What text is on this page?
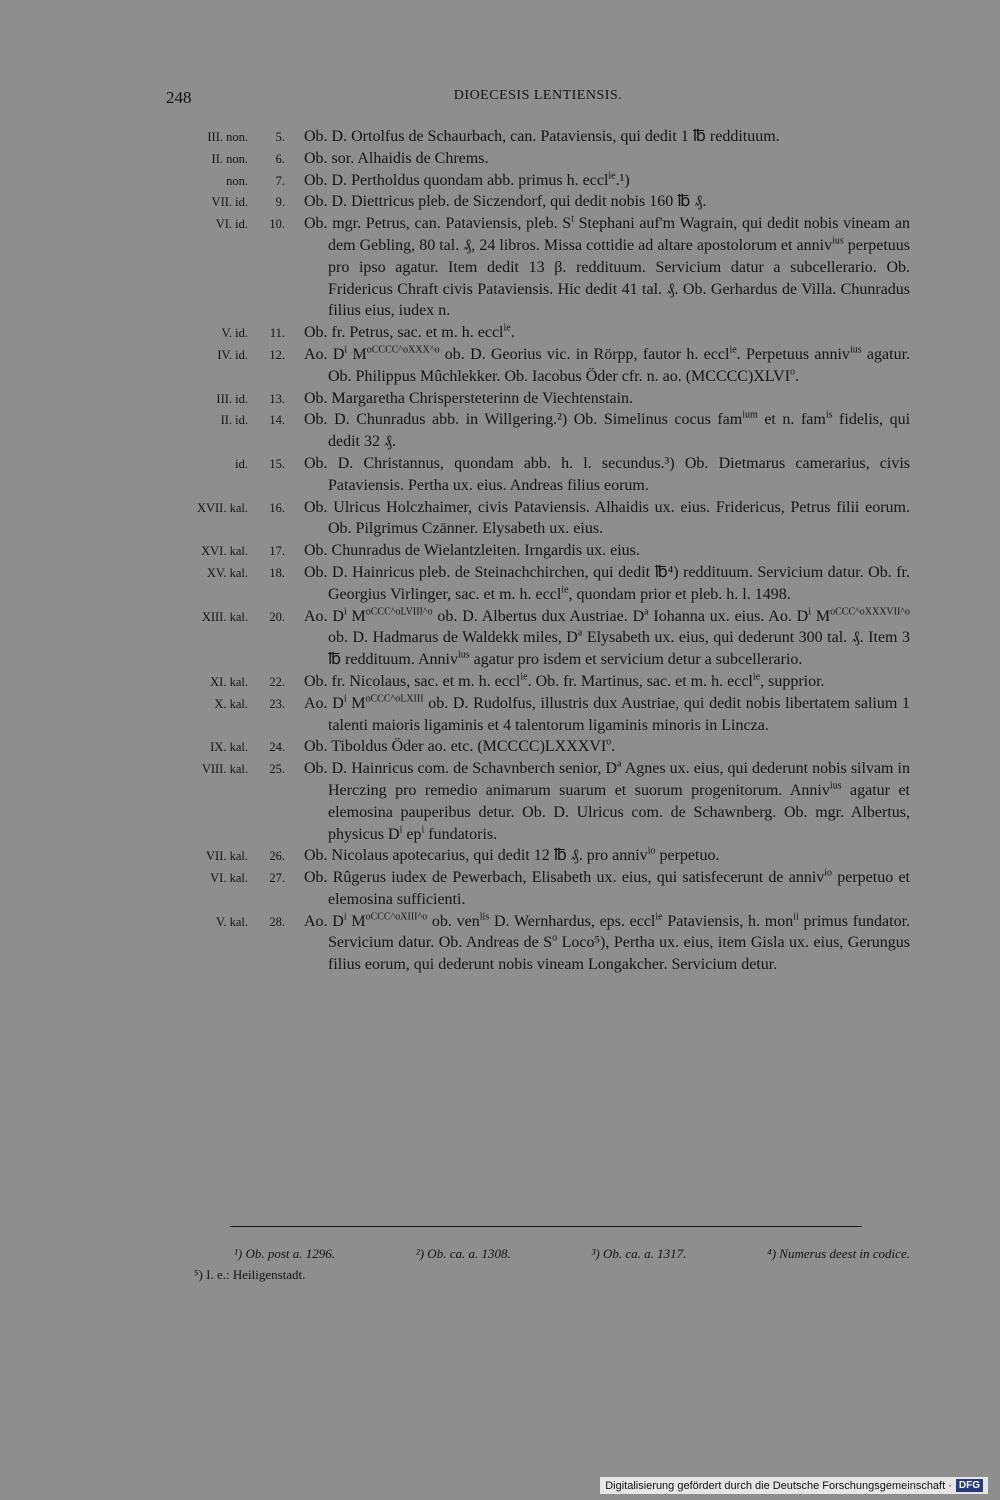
248	DIOECESIS LENTIENSIS.
III. non.	5. Ob. D. Ortolfus de Schaurbach, can. Pataviensis, qui dedit 1 ℔ reddituum.
II. non.	6. Ob. sor. Alhaidis de Chrems.
non.	7. Ob. D. Pertholdus quondam abb. primus h. eccl$^{ie}$.¹)
VII. id.	9. Ob. D. Diettricus pleb. de Siczendorf, qui dedit nobis 160 ℔ ₰.
VI. id.	10. Ob. mgr. Petrus, can. Pataviensis, pleb. $S^t$ Stephani auf'm Wagrain, qui dedit nobis vineam an dem Gebling, 80 tal. ₰, 24 libros. Missa cottidie ad altare apostolorum et anniv$^{ius}$ perpetuus pro ipso agatur. Item dedit 13 β. reddituum. Servicium datur a subcellerario. Ob. Fridericus Chraft civis Pataviensis. Hic dedit 41 tal. ₰. Ob. Gerhardus de Villa. Chunradus filius eius, iudex n.
V. id.	11. Ob. fr. Petrus, sac. et m. h. eccl$^{ie}$.
IV. id.	12. Ao. $D^i$ $M^{oCCCC\^{}oXXX\^{}o}$ ob. D. Georius vic. in Rörpp, fautor h. eccl$^{ie}$. Perpetuus anniv$^{ius}$ agatur. Ob. Philippus Mûchlekker. Ob. Iacobus Öder cfr. n. ao. (MCCCC)XLVI$^o$.
III. id.	13. Ob. Margaretha Chrispersteterinn de Viechtenstain.
II. id.	14. Ob. D. Chunradus abb. in Willgering.²) Ob. Simelinus cocus fam$^{ium}$ et n. fam$^{is}$ fidelis, qui dedit 32 ₰.
id.	15. Ob. D. Christannus, quondam abb. h. l. secundus.³) Ob. Dietmarus camerarius, civis Pataviensis. Pertha ux. eius. Andreas filius eorum.
XVII. kal.	16. Ob. Ulricus Holczhaimer, civis Pataviensis. Alhaidis ux. eius. Fridericus, Petrus filii eorum. Ob. Pilgrimus Czänner. Elysabeth ux. eius.
XVI. kal.	17. Ob. Chunradus de Wielantzleiten. Irngardis ux. eius.
XV. kal.	18. Ob. D. Hainricus pleb. de Steinachchirchen, qui dedit ℔⁴) reddituum. Servicium datur. Ob. fr. Georgius Virlinger, sac. et m. h. eccl$^{ie}$, quondam prior et pleb. h. l. 1498.
XIII. kal.	20. Ao. $D^i$ $M^{oCCC\^{}oLVIII\^{}o}$ ob. D. Albertus dux Austriae. $D^a$ Iohanna ux. eius. Ao. $D^i$ $M^{oCCC\^{}oXXXVII\^{}o}$ ob. D. Hadmarus de Waldekk miles, $D^a$ Elysabeth ux. eius, qui dederunt 300 tal. ₰. Item 3 ℔ reddituum. Anniv$^{ius}$ agatur pro isdem et servicium detur a subcellerario.
XI. kal.	22. Ob. fr. Nicolaus, sac. et m. h. eccl$^{ie}$. Ob. fr. Martinus, sac. et m. h. eccl$^{ie}$, supprior.
X. kal.	23. Ao. $D^i$ $M^{oCCC\^{}oLXIII}$ ob. D. Rudolfus, illustris dux Austriae, qui dedit nobis libertatem salium 1 talenti maioris ligaminis et 4 talentorum ligaminis minoris in Lincza.
IX. kal.	24. Ob. Tiboldus Öder ao. etc. (MCCCC)LXXXVI$^o$.
VIII. kal.	25. Ob. D. Hainricus com. de Schavnberch senior, $D^a$ Agnes ux. eius, qui dederunt nobis silvam in Herczing pro remedio animarum suarum et suorum progenitorum. Anniv$^{ius}$ agatur et elemosina pauperibus detur. Ob. D. Ulricus com. de Schawnberg. Ob. mgr. Albertus, physicus $D^i$ $ep^i$ fundatoris.
VII. kal.	26. Ob. Nicolaus apotecarius, qui dedit 12 ℔ ₰. pro anniv$^{io}$ perpetuo.
VI. kal.	27. Ob. Rûgerus iudex de Pewerbach, Elisabeth ux. eius, qui satisfecerunt de anniv$^{io}$ perpetuo et elemosina sufficienti.
V. kal.	28. Ao. $D^i$ $M^{oCCC\^{}oXIII\^{}o}$ ob. ven$^{lis}$ D. Wernhardus, eps. eccl$^{ie}$ Pataviensis, h. mon$^{ii}$ primus fundator. Servicium datur. Ob. Andreas de $S^o$ Loco⁵), Pertha ux. eius, item Gisla ux. eius, Gerungus filius eorum, qui dederunt nobis vineam Longakcher. Servicium detur.
¹) Ob. post a. 1296.	²) Ob. ca. a. 1308.	³) Ob. ca. a. 1317.	⁴) Numerus deest in codice.
⁵) I. e.: Heiligenstadt.
Digitalisierung gefördert durch die Deutsche Forschungsgemeinschaft · DFG
